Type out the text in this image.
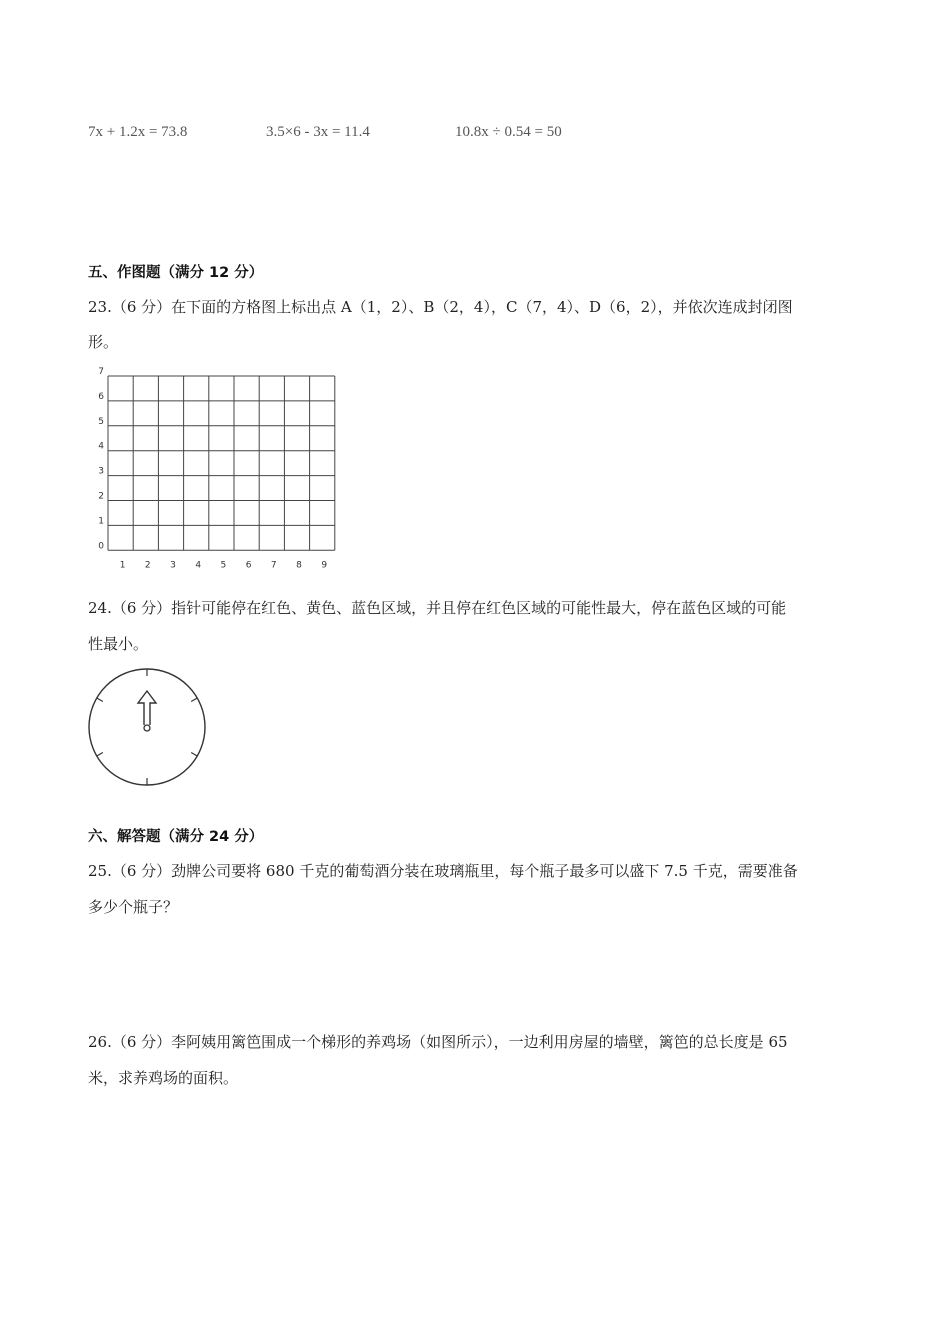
7x + 1.2x = 73.8	3.5×6 - 3x = 11.4	10.8x ÷ 0.54 = 50
五、作图题（满分 12 分）
23.（6 分）在下面的方格图上标出点 A（1，2）、B（2，4），C（7，4）、D（6，2），并依次连成封闭图
形。
0
1
2
3
4
5
6
7
1 2 3 4 5 6 7 8 9
24.（6 分）指针可能停在红色、黄色、蓝色区域，并且停在红色区域的可能性最大，停在蓝色区域的可能
性最小。
六、解答题（满分 24 分）
25.（6 分）劲牌公司要将 680 千克的葡萄酒分装在玻璃瓶里，每个瓶子最多可以盛下 7.5 千克，需要准备
多少个瓶子？
26.（6 分）李阿姨用篱笆围成一个梯形的养鸡场（如图所示），一边利用房屋的墙壁，篱笆的总长度是 65
米，求养鸡场的面积。
